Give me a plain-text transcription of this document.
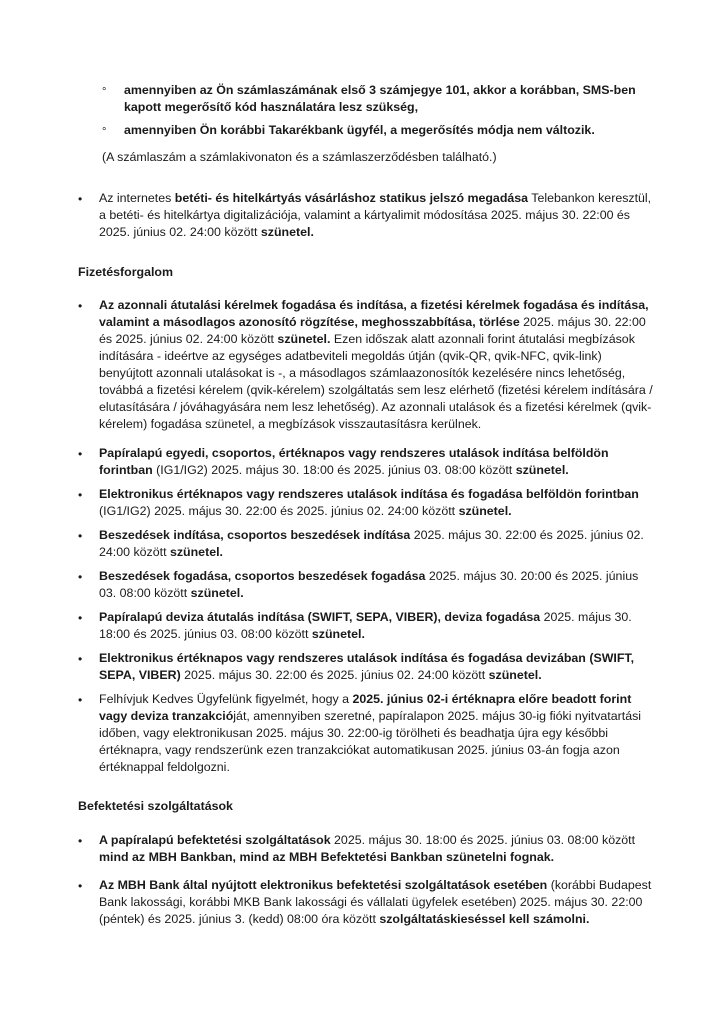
° amennyiben az Ön számlaszámának első 3 számjegye 101, akkor a korábban, SMS-ben kapott megerősítő kód használatára lesz szükség,
° amennyiben Ön korábbi Takarékbank ügyfél, a megerősítés módja nem változik.
(A számlaszám a számlakivonaton és a számlaszerződésben található.)
• Az internetes betéti- és hitelkártyás vásárláshoz statikus jelszó megadása Telebankon keresztül, a betéti- és hitelkártya digitalizációja, valamint a kártyalimit módosítása 2025. május 30. 22:00 és 2025. június 02. 24:00 között szünetel.
Fizetésforgalom
• Az azonnali átutalási kérelmek fogadása és indítása, a fizetési kérelmek fogadása és indítása, valamint a másodlagos azonosító rögzítése, meghosszabbítása, törlése 2025. május 30. 22:00 és 2025. június 02. 24:00 között szünetel. Ezen időszak alatt azonnali forint átutalási megbízások indítására - ideértve az egységes adatbeviteli megoldás útján (qvik-QR, qvik-NFC, qvik-link) benyújtott azonnali utalásokat is -, a másodlagos számlaazonosítók kezelésére nincs lehetőség, továbbá a fizetési kérelem (qvik-kérelem) szolgáltatás sem lesz elérhető (fizetési kérelem indítására / elutasítására / jóváhagyására nem lesz lehetőség). Az azonnali utalások és a fizetési kérelmek (qvik-kérelem) fogadása szünetel, a megbízások visszautasításra kerülnek.
• Papíralapú egyedi, csoportos, értéknapos vagy rendszeres utalások indítása belföldön forintban (IG1/IG2) 2025. május 30. 18:00 és 2025. június 03. 08:00 között szünetel.
• Elektronikus értéknapos vagy rendszeres utalások indítása és fogadása belföldön forintban (IG1/IG2) 2025. május 30. 22:00 és 2025. június 02. 24:00 között szünetel.
• Beszedések indítása, csoportos beszedések indítása 2025. május 30. 22:00 és 2025. június 02. 24:00 között szünetel.
• Beszedések fogadása, csoportos beszedések fogadása 2025. május 30. 20:00 és 2025. június 03. 08:00 között szünetel.
• Papíralapú deviza átutalás indítása (SWIFT, SEPA, VIBER), deviza fogadása 2025. május 30. 18:00 és 2025. június 03. 08:00 között szünetel.
• Elektronikus értéknapos vagy rendszeres utalások indítása és fogadása devizában (SWIFT, SEPA, VIBER) 2025. május 30. 22:00 és 2025. június 02. 24:00 között szünetel.
• Felhívjuk Kedves Ügyfelünk figyelmét, hogy a 2025. június 02-i értéknapra előre beadott forint vagy deviza tranzakcióját, amennyiben szeretné, papíralapon 2025. május 30-ig fióki nyitvatartási időben, vagy elektronikusan 2025. május 30. 22:00-ig törölheti és beadhatja újra egy későbbi értéknapra, vagy rendszerünk ezen tranzakciókat automatikusan 2025. június 03-án fogja azon értéknappal feldolgozni.
Befektetési szolgáltatások
• A papíralapú befektetési szolgáltatások 2025. május 30. 18:00 és 2025. június 03. 08:00 között mind az MBH Bankban, mind az MBH Befektetési Bankban szünetelni fognak.
• Az MBH Bank által nyújtott elektronikus befektetési szolgáltatások esetében (korábbi Budapest Bank lakossági, korábbi MKB Bank lakossági és vállalati ügyfelek esetében) 2025. május 30. 22:00 (péntek) és 2025. június 3. (kedd) 08:00 óra között szolgáltatáskieséssel kell számolni.
